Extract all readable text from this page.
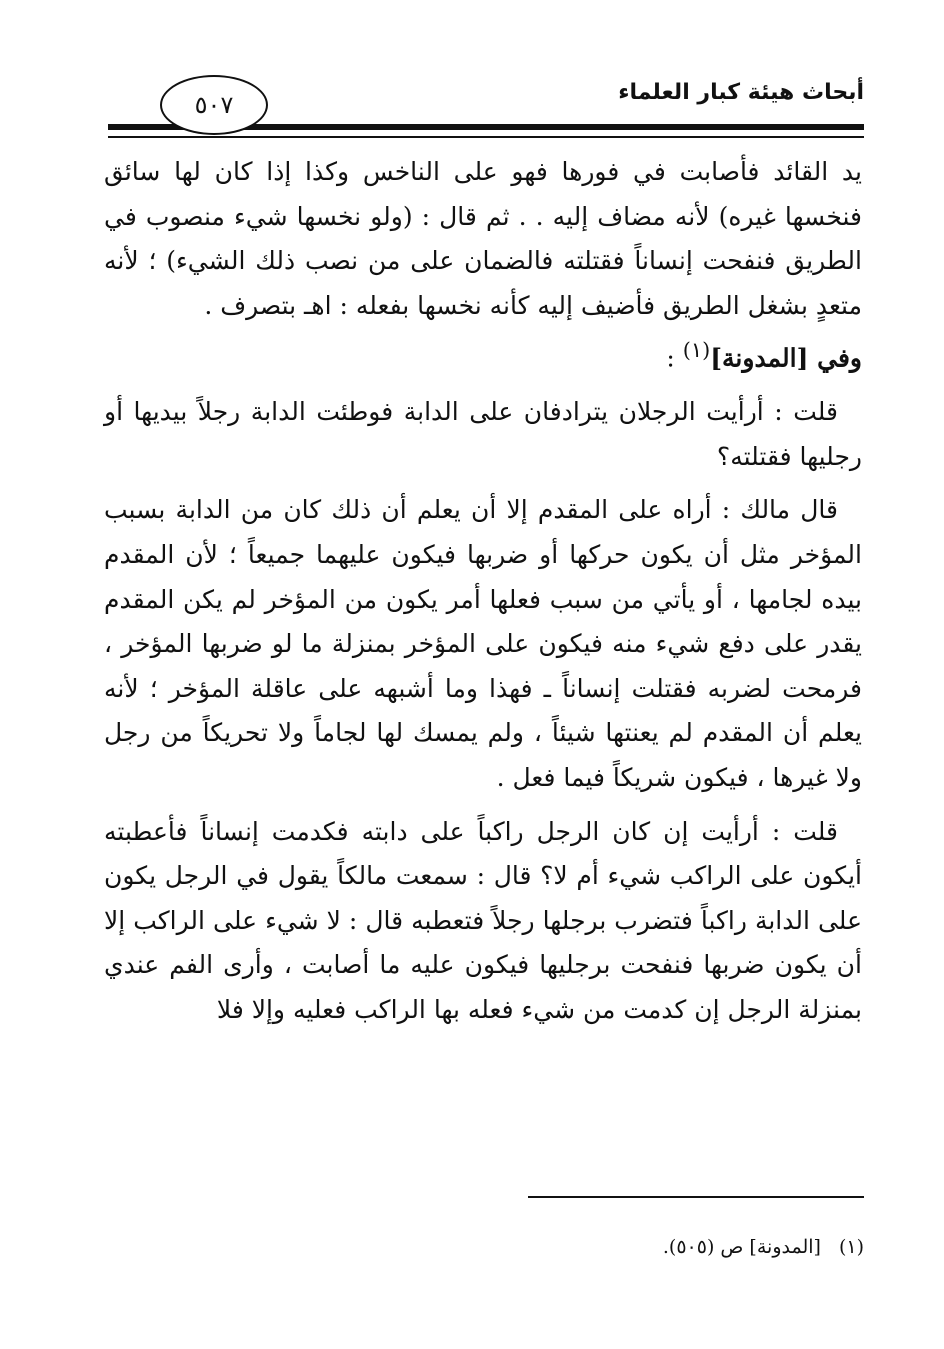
أبحاث هيئة كبار العلماء
٥٠٧

يد القائد فأصابت في فورها فهو على الناخس وكذا إذا كان لها سائق فنخسها غيره) لأنه مضاف إليه . . ثم قال : (ولو نخسها شيء منصوب في الطريق فنفحت إنساناً فقتلته فالضمان على من نصب ذلك الشيء) ؛ لأنه متعدٍ بشغل الطريق فأضيف إليه كأنه نخسها بفعله : اهـ بتصرف .

وفي [المدونة]$^{(١)}$ :

قلت : أرأيت الرجلان يترادفان على الدابة فوطئت الدابة رجلاً بيديها أو رجليها فقتلته؟

قال مالك : أراه على المقدم إلا أن يعلم أن ذلك كان من الدابة بسبب المؤخر مثل أن يكون حركها أو ضربها فيكون عليهما جميعاً ؛ لأن المقدم بيده لجامها ، أو يأتي من سبب فعلها أمر يكون من المؤخر لم يكن المقدم يقدر على دفع شيء منه فيكون على المؤخر بمنزلة ما لو ضربها المؤخر ، فرمحت لضربه فقتلت إنساناً ـ فهذا وما أشبهه على عاقلة المؤخر ؛ لأنه يعلم أن المقدم لم يعنتها شيئاً ، ولم يمسك لها لجاماً ولا تحريكاً من رجل ولا غيرها ، فيكون شريكاً فيما فعل .

قلت : أرأيت إن كان الرجل راكباً على دابته فكدمت إنساناً فأعطبته أيكون على الراكب شيء أم لا؟ قال : سمعت مالكاً يقول في الرجل يكون على الدابة راكباً فتضرب برجلها رجلاً فتعطبه قال : لا شيء على الراكب إلا أن يكون ضربها فنفحت برجليها فيكون عليه ما أصابت ، وأرى الفم عندي بمنزلة الرجل إن كدمت من شيء فعله بها الراكب فعليه وإلا فلا

(١)[المدونة] ص (٥٠٥).
